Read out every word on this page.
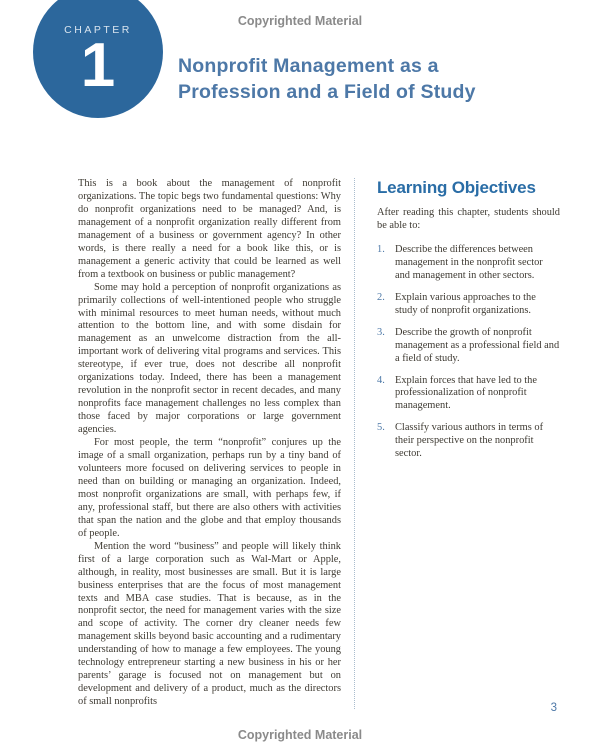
Copyrighted Material
CHAPTER
1	Nonprofit Management as a Profession and a Field of Study

This is a book about the management of nonprofit organizations. The topic begs two fundamental questions: Why do nonprofit organizations need to be managed? And, is management of a nonprofit organization really different from management of a business or government agency? In other words, is there really a need for a book like this, or is management a generic activity that could be learned as well from a textbook on business or public management?

Some may hold a perception of nonprofit organizations as primarily collections of well-intentioned people who struggle with minimal resources to meet human needs, without much attention to the bottom line, and with some disdain for management as an unwelcome distraction from the all-important work of delivering vital programs and services. This stereotype, if ever true, does not describe all nonprofit organizations today. Indeed, there has been a management revolution in the nonprofit sector in recent decades, and many nonprofits face management challenges no less complex than those faced by major corporations or large government agencies.

For most people, the term “nonprofit” conjures up the image of a small organization, perhaps run by a tiny band of volunteers more focused on delivering services to people in need than on building or managing an organization. Indeed, most nonprofit organizations are small, with perhaps few, if any, professional staff, but there are also others with activities that span the nation and the globe and that employ thousands of people.

Mention the word “business” and people will likely think first of a large corporation such as Wal-Mart or Apple, although, in reality, most businesses are small. But it is large business enterprises that are the focus of most management texts and MBA case studies. That is because, as in the nonprofit sector, the need for management varies with the size and scope of activity. The corner dry cleaner needs few management skills beyond basic accounting and a rudimentary understanding of how to manage a few employees. The young technology entrepreneur starting a new business in his or her parents’ garage is focused not on management but on development and delivery of a product, much as the directors of small nonprofits

Learning Objectives

After reading this chapter, students should be able to:

1. Describe the differences between management in the nonprofit sector and management in other sectors.
2. Explain various approaches to the study of nonprofit organizations.
3. Describe the growth of nonprofit management as a professional field and a field of study.
4. Explain forces that have led to the professionalization of nonprofit management.
5. Classify various authors in terms of their perspective on the nonprofit sector.
3
Copyrighted Material
